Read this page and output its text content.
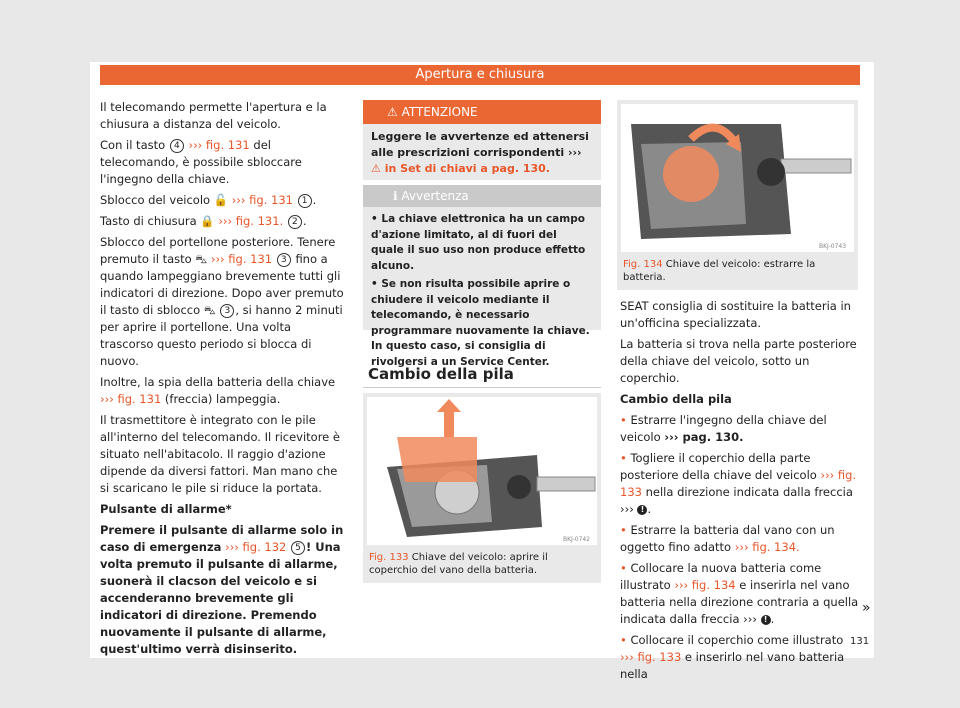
Apertura e chiusura

Il telecomando permette l'apertura e la chiusura a distanza del veicolo.

Con il tasto 4 ››› fig. 131 del telecomando, è possibile sbloccare l'ingegno della chiave.

Sblocco del veicolo 🔓 ››› fig. 131 1 .

Tasto di chiusura 🔒 ››› fig. 131. 2 .

Sblocco del portellone posteriore. Tenere premuto il tasto ⛍ ››› fig. 131 3 fino a quando lampeggiano brevemente tutti gli indicatori di direzione. Dopo aver premuto il tasto di sblocco ⛍ 3 , si hanno 2 minuti per aprire il portellone. Una volta trascorso questo periodo si blocca di nuovo.

Inoltre, la spia della batteria della chiave ››› fig. 131 (freccia) lampeggia.

Il trasmettitore è integrato con le pile all'interno del telecomando. Il ricevitore è situato nell'abitacolo. Il raggio d'azione dipende da diversi fattori. Man mano che si scaricano le pile si riduce la portata.

Pulsante di allarme*

Premere il pulsante di allarme solo in caso di emergenza ››› fig. 132 5 ! Una volta premuto il pulsante di allarme, suonerà il clacson del veicolo e si accenderanno brevemente gli indicatori di direzione. Premendo nuovamente il pulsante di allarme, quest'ultimo verrà disinserito.

⚠ ATTENZIONE
Leggere le avvertenze ed attenersi alle prescrizioni corrispondenti ››› ⚠ in Set di chiavi a pag. 130.
ℹ Avvertenza

• La chiave elettronica ha un campo d'azione limitato, al di fuori del quale il suo uso non produce effetto alcuno.

• Se non risulta possibile aprire o chiudere il veicolo mediante il telecomando, è necessario programmare nuovamente la chiave. In questo caso, si consiglia di rivolgersi a un Service Center.

Cambio della pila
BKJ-0742
Fig. 133 Chiave del veicolo: aprire il coperchio del vano della batteria.
BKJ-0743
Fig. 134 Chiave del veicolo: estrarre la batteria.

SEAT consiglia di sostituire la batteria in un'officina specializzata.

La batteria si trova nella parte posteriore della chiave del veicolo, sotto un coperchio.

Cambio della pila

• Estrarre l'ingegno della chiave del veicolo ››› pag. 130.

• Togliere il coperchio della parte posteriore della chiave del veicolo ››› fig. 133 nella direzione indicata dalla freccia ››› ! .

• Estrarre la batteria dal vano con un oggetto fino adatto ››› fig. 134.

• Collocare la nuova batteria come illustrato ››› fig. 134 e inserirla nel vano batteria nella direzione contraria a quella indicata dalla freccia ››› ! .

• Collocare il coperchio come illustrato ››› fig. 133 e inserirlo nel vano batteria nella

»
131
